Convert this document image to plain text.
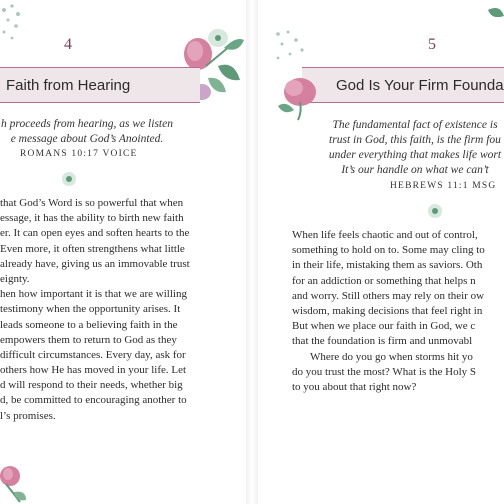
4
Faith from Hearing
h proceeds from hearing, as we listen
e message about God’s Anointed.
ROMANS 10:17 VOICE
that God’s Word is so powerful that when
essage, it has the ability to birth new faith
er. It can open eyes and soften hearts to the
Even more, it often strengthens what little
already have, giving us an immovable trust
eignty.
hen how important it is that we are willing
testimony when the opportunity arises. It
leads someone to a believing faith in the
empowers them to return to God as they
difficult circumstances. Every day, ask for
others how He has moved in your life. Let
d will respond to their needs, whether big
d, be committed to encouraging another to
l’s promises.
5
God Is Your Firm Founda
The fundamental fact of existence is
trust in God, this faith, is the firm fou
under everything that makes life wort
It’s our handle on what we can’t
HEBREWS 11:1 MSG
When life feels chaotic and out of control,
something to hold on to. Some may cling to
in their life, mistaking them as saviors. Oth
for an addiction or something that helps n
and worry. Still others may rely on their ow
wisdom, making decisions that feel right in
But when we place our faith in God, we c
that the foundation is firm and unmovabl
Where do you go when storms hit yo
do you trust the most? What is the Holy S
to you about that right now?
